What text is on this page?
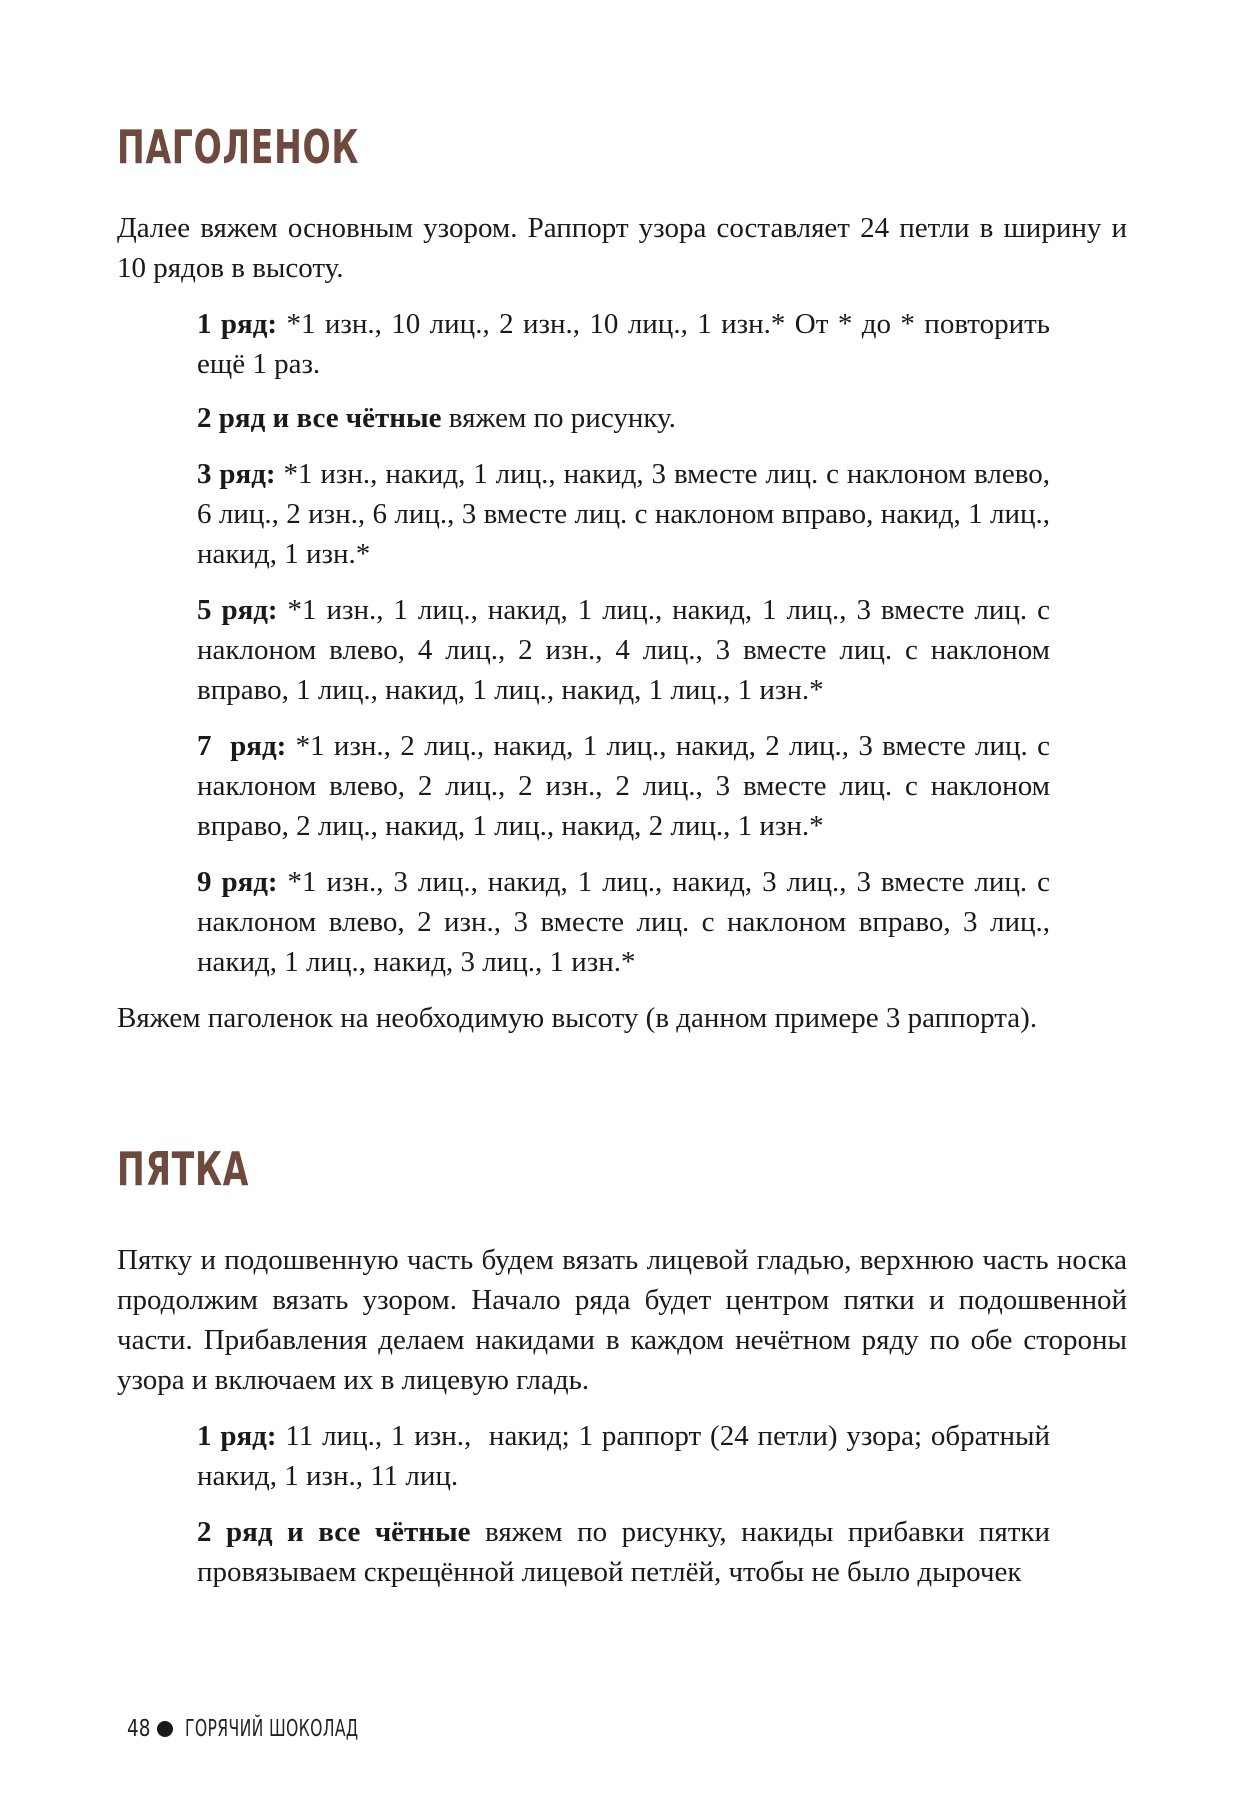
ПАГОЛЕНОК

Далее вяжем основным узором. Раппорт узора составляет 24 петли в ширину и 10 рядов в высоту.

1 ряд: *1 изн., 10 лиц., 2 изн., 10 лиц., 1 изн.* От * до * повторить ещё 1 раз.

2 ряд и все чётные вяжем по рисунку.

3 ряд: *1 изн., накид, 1 лиц., накид, 3 вместе лиц. с наклоном влево, 6 лиц., 2 изн., 6 лиц., 3 вместе лиц. с наклоном вправо, накид, 1 лиц., накид, 1 изн.*

5 ряд: *1 изн., 1 лиц., накид, 1 лиц., накид, 1 лиц., 3 вместе лиц. с наклоном влево, 4 лиц., 2 изн., 4 лиц., 3 вместе лиц. с наклоном вправо, 1 лиц., накид, 1 лиц., накид, 1 лиц., 1 изн.*

7  ряд: *1 изн., 2 лиц., накид, 1 лиц., накид, 2 лиц., 3 вместе лиц. с наклоном влево, 2 лиц., 2 изн., 2 лиц., 3 вместе лиц. с наклоном вправо, 2 лиц., накид, 1 лиц., накид, 2 лиц., 1 изн.*

9 ряд: *1 изн., 3 лиц., накид, 1 лиц., накид, 3 лиц., 3 вместе лиц. с наклоном влево, 2 изн., 3 вместе лиц. с наклоном вправо, 3 лиц., накид, 1 лиц., накид, 3 лиц., 1 изн.*

Вяжем паголенок на необходимую высоту (в данном примере 3 раппорта).

ПЯТКА

Пятку и подошвенную часть будем вязать лицевой гладью, верхнюю часть носка продолжим вязать узором. Начало ряда будет центром пятки и подошвенной части. Прибавления делаем накидами в каждом нечётном ряду по обе стороны узора и включаем их в лицевую гладь.

1 ряд: 11 лиц., 1 изн.,  накид; 1 раппорт (24 петли) узора; обратный накид, 1 изн., 11 лиц.

2 ряд и все чётные вяжем по рисунку, накиды прибавки пятки провязываем скрещённой лицевой петлёй, чтобы не было дырочек

48 ГОРЯЧИЙ ШОКОЛАД
